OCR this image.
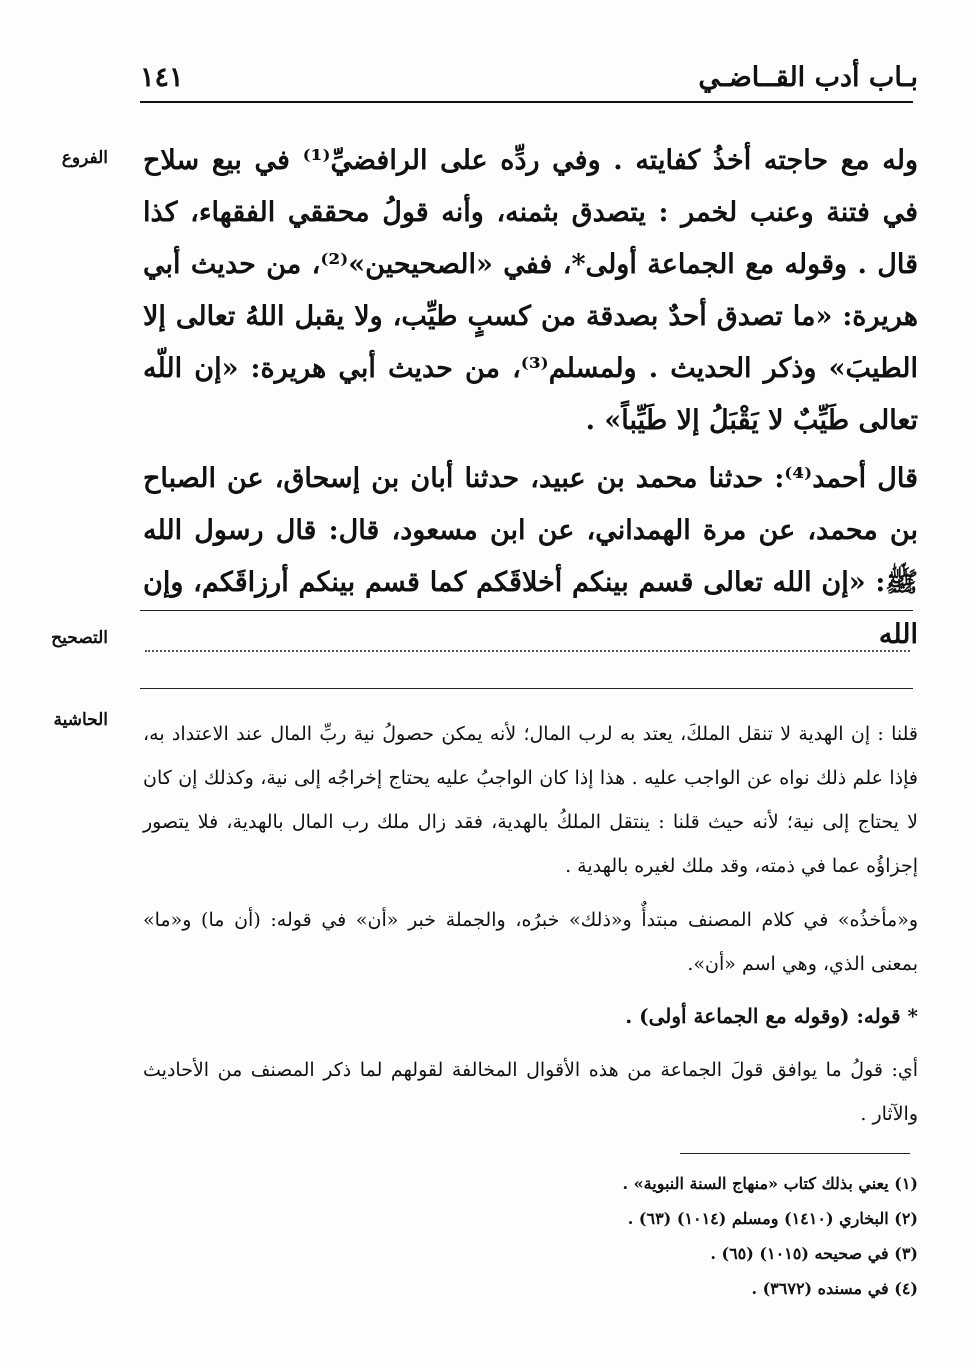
بـاب أدب القــاضـي
١٤١
الفروع وله مع حاجته أخذُ كفايته . وفي ردِّه على الرافضيِّ⁽¹⁾ في بيع سلاح في فتنة وعنب لخمر : يتصدق بثمنه، وأنه قولُ محققي الفقهاء، كذا قال . وقوله مع الجماعة أولى*، ففي «الصحيحين»⁽²⁾، من حديث أبي هريرة: «ما تصدق أحدٌ بصدقة من كسبٍ طيِّب، ولا يقبل اللهُ تعالى إلا الطيبَ» وذكر الحديث . ولمسلم⁽³⁾، من حديث أبي هريرة: «إن اللّه تعالى طَيِّبٌ لا يَقْبَلُ إلا طَيِّباً» .

قال أحمد⁽⁴⁾: حدثنا محمد بن عبيد، حدثنا أبان بن إسحاق، عن الصباح بن محمد، عن مرة الهمداني، عن ابن مسعود، قال: قال رسول الله ﷺ: «إن الله تعالى قسم بينكم أخلاقَكم كما قسم بينكم أرزاقَكم، وإن الله

التصحيح
الحاشية

قلنا : إن الهدية لا تنقل الملكَ، يعتد به لرب المال؛ لأنه يمكن حصولُ نية ربِّ المال عند الاعتداد به، فإذا علم ذلك نواه عن الواجب عليه . هذا إذا كان الواجبُ عليه يحتاج إخراجُه إلى نية، وكذلك إن كان لا يحتاج إلى نية؛ لأنه حيث قلنا : ينتقل الملكُ بالهدية، فقد زال ملك رب المال بالهدية، فلا يتصور إجزاؤُه عما في ذمته، وقد ملك لغيره بالهدية .

و«مأخذُه» في كلام المصنف مبتدأٌ و«ذلك» خبرُه، والجملة خبر «أن» في قوله: (أن ما) و«ما» بمعنى الذي، وهي اسم «أن».

* قوله: (وقوله مع الجماعة أولى) .

أي: قولُ ما يوافق قولَ الجماعة من هذه الأقوال المخالفة لقولهم لما ذكر المصنف من الأحاديث والآثار .

(١) يعني بذلك كتاب «منهاج السنة النبوية» .
(٢) البخاري (١٤١٠) ومسلم (١٠١٤) (٦٣) .
(٣) في صحيحه (١٠١٥) (٦٥) .
(٤) في مسنده (٣٦٧٢) .
